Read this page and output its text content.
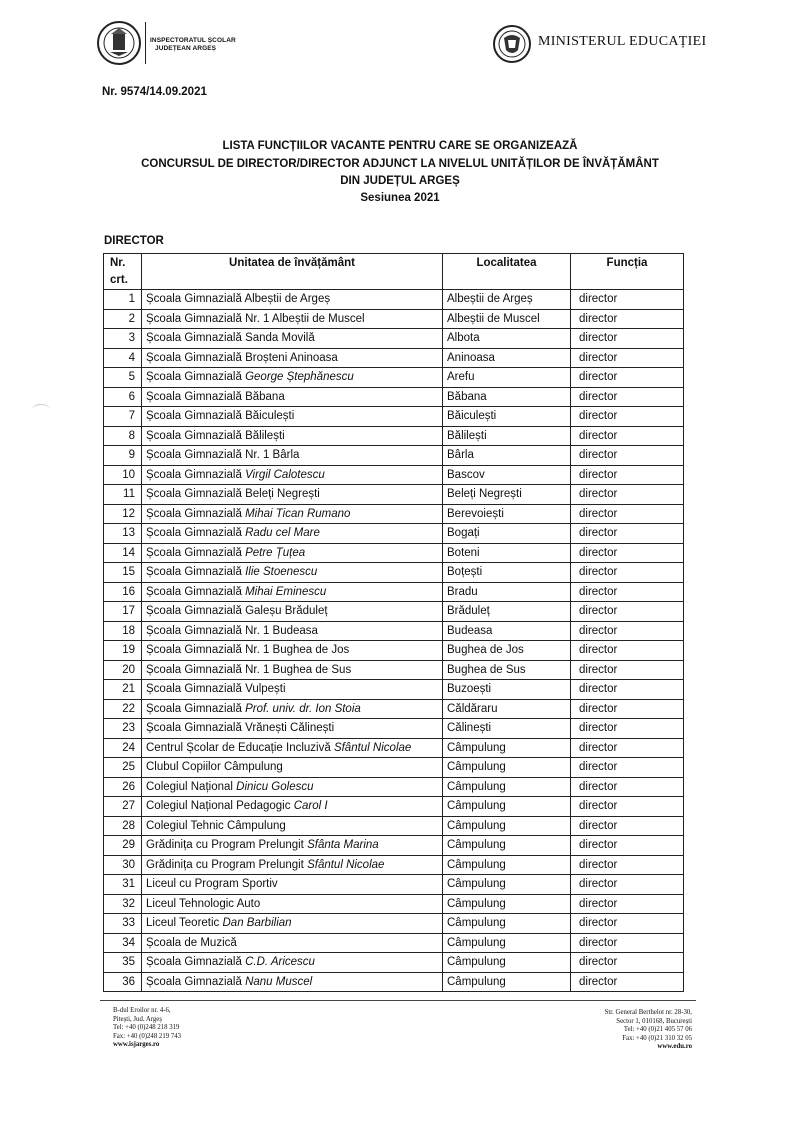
INSPECTORATUL ȘCOLAR
JUDEȚEAN ARGEȘ	MINISTERUL EDUCAȚIEI
Nr. 9574/14.09.2021
LISTA FUNCȚIILOR VACANTE PENTRU CARE SE ORGANIZEAZĂ
CONCURSUL DE DIRECTOR/DIRECTOR ADJUNCT LA NIVELUL UNITĂȚILOR DE ÎNVĂȚĂMÂNT
DIN JUDEȚUL ARGEȘ
Sesiunea 2021
DIRECTOR
Nr.
crt.	Unitatea de învățământ	Localitatea	Funcția
1	Școala Gimnazială Albeștii de Argeș	Albeștii de Argeș	director
2	Școala Gimnazială Nr. 1 Albeștii de Muscel	Albeștii de Muscel	director
3	Școala Gimnazială Sanda Movilă	Albota	director
4	Școala Gimnazială Broșteni Aninoasa	Aninoasa	director
5	Școala Gimnazială George Ștephănescu	Arefu	director
6	Școala Gimnazială Băbana	Băbana	director
7	Școala Gimnazială Băiculești	Băiculești	director
8	Școala Gimnazială Bălilești	Bălilești	director
9	Școala Gimnazială Nr. 1 Bârla	Bârla	director
10	Școala Gimnazială Virgil Calotescu	Bascov	director
11	Școala Gimnazială Beleți Negrești	Beleți Negrești	director
12	Școala Gimnazială Mihai Tican Rumano	Berevoiești	director
13	Școala Gimnazială Radu cel Mare	Bogați	director
14	Școala Gimnazială Petre Țuțea	Boteni	director
15	Școala Gimnazială Ilie Stoenescu	Boțești	director
16	Școala Gimnazială Mihai Eminescu	Bradu	director
17	Școala Gimnazială Galeșu Brăduleț	Brăduleț	director
18	Școala Gimnazială Nr. 1 Budeasa	Budeasa	director
19	Școala Gimnazială Nr. 1 Bughea de Jos	Bughea de Jos	director
20	Școala Gimnazială Nr. 1 Bughea de Sus	Bughea de Sus	director
21	Școala Gimnazială Vulpești	Buzoești	director
22	Școala Gimnazială Prof. univ. dr. Ion Stoia	Căldăraru	director
23	Școala Gimnazială Vrănești Călinești	Călinești	director
24	Centrul Școlar de Educație Incluzivă Sfântul Nicolae	Câmpulung	director
25	Clubul Copiilor Câmpulung	Câmpulung	director
26	Colegiul Național Dinicu Golescu	Câmpulung	director
27	Colegiul Național Pedagogic Carol I	Câmpulung	director
28	Colegiul Tehnic Câmpulung	Câmpulung	director
29	Grădinița cu Program Prelungit Sfânta Marina	Câmpulung	director
30	Grădinița cu Program Prelungit Sfântul Nicolae	Câmpulung	director
31	Liceul cu Program Sportiv	Câmpulung	director
32	Liceul Tehnologic Auto	Câmpulung	director
33	Liceul Teoretic Dan Barbilian	Câmpulung	director
34	Școala de Muzică	Câmpulung	director
35	Școala Gimnazială C.D. Aricescu	Câmpulung	director
36	Școala Gimnazială Nanu Muscel	Câmpulung	director
B-dul Eroilor nr. 4-6,
Pitești, Jud. Argeș
Tel: +40 (0)248 218 319
Fax: +40 (0)248 219 743
www.isjarges.ro
Str. General Berthelot nr. 28-30,
Sector 1, 010168, București
Tel: +40 (0)21 405 57 06
Fax: +40 (0)21 310 32 05
www.edu.ro
